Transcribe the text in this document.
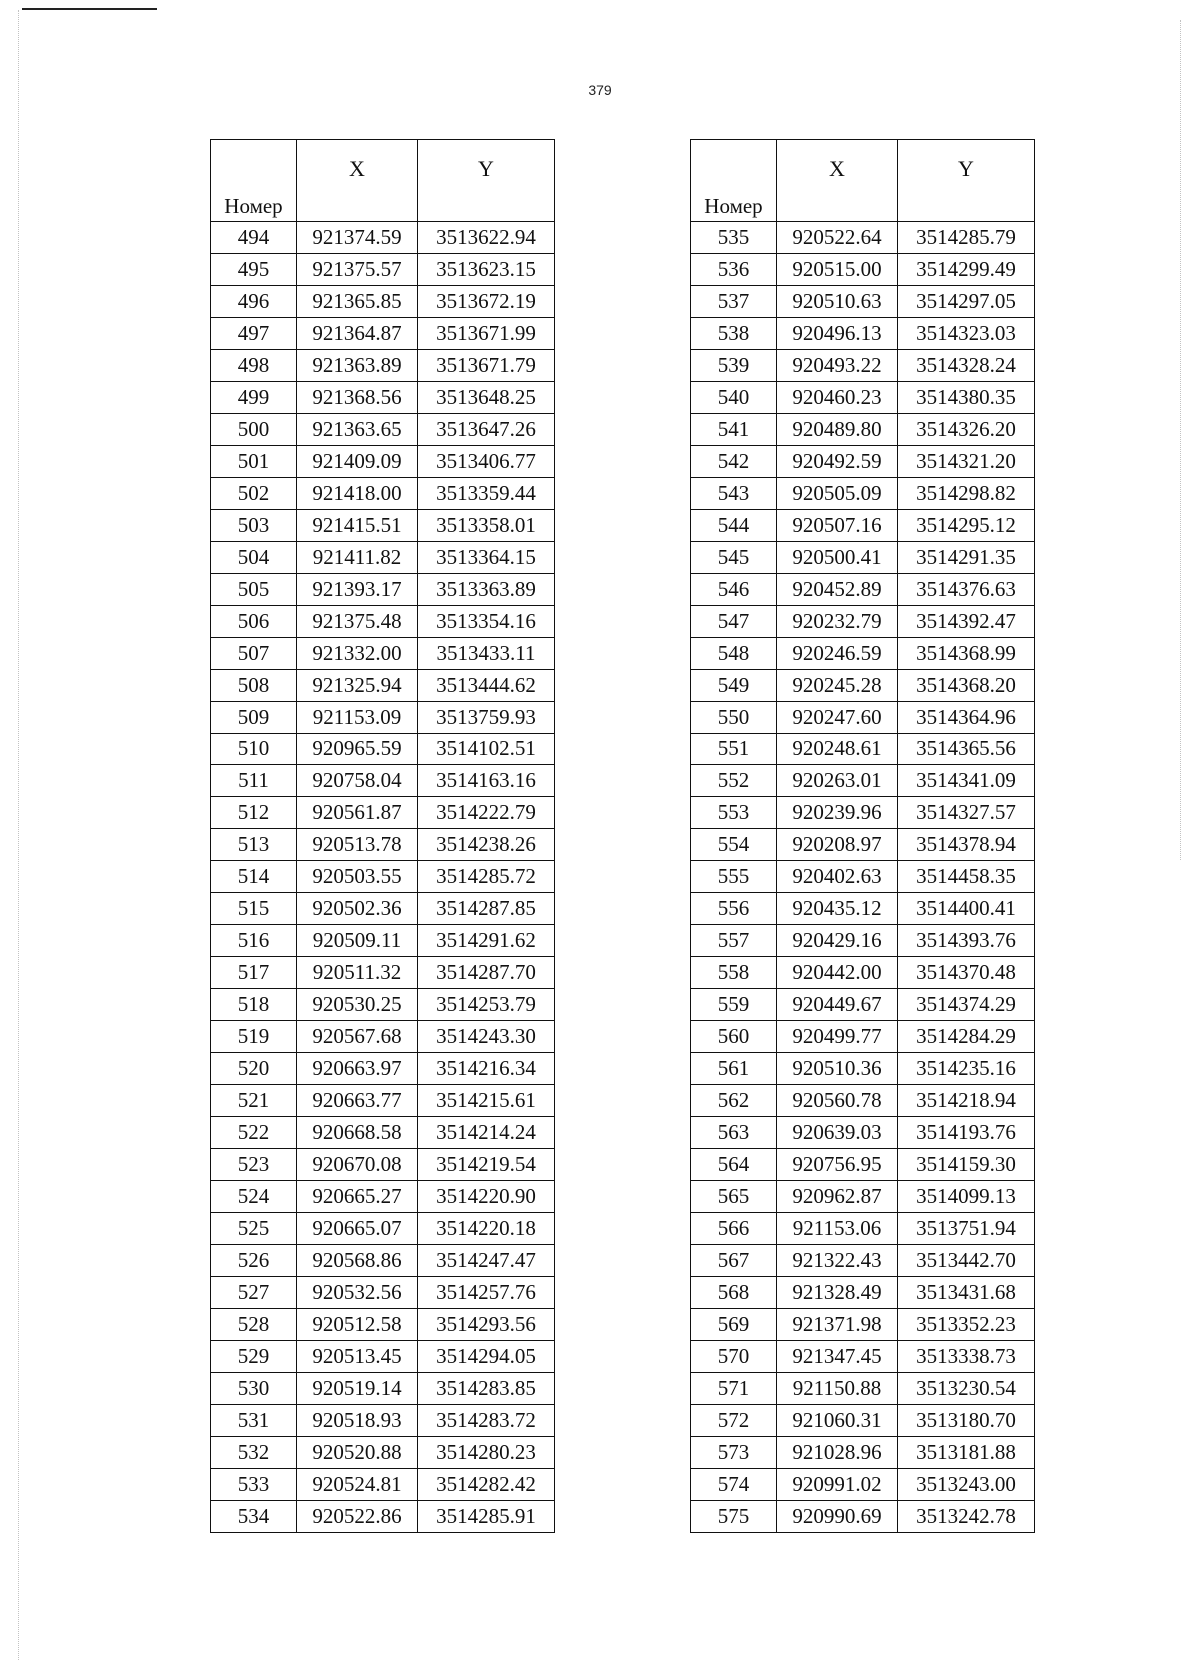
379
Номер	X	Y
494	921374.59	3513622.94
495	921375.57	3513623.15
496	921365.85	3513672.19
497	921364.87	3513671.99
498	921363.89	3513671.79
499	921368.56	3513648.25
500	921363.65	3513647.26
501	921409.09	3513406.77
502	921418.00	3513359.44
503	921415.51	3513358.01
504	921411.82	3513364.15
505	921393.17	3513363.89
506	921375.48	3513354.16
507	921332.00	3513433.11
508	921325.94	3513444.62
509	921153.09	3513759.93
510	920965.59	3514102.51
511	920758.04	3514163.16
512	920561.87	3514222.79
513	920513.78	3514238.26
514	920503.55	3514285.72
515	920502.36	3514287.85
516	920509.11	3514291.62
517	920511.32	3514287.70
518	920530.25	3514253.79
519	920567.68	3514243.30
520	920663.97	3514216.34
521	920663.77	3514215.61
522	920668.58	3514214.24
523	920670.08	3514219.54
524	920665.27	3514220.90
525	920665.07	3514220.18
526	920568.86	3514247.47
527	920532.56	3514257.76
528	920512.58	3514293.56
529	920513.45	3514294.05
530	920519.14	3514283.85
531	920518.93	3514283.72
532	920520.88	3514280.23
533	920524.81	3514282.42
534	920522.86	3514285.91
Номер	X	Y
535	920522.64	3514285.79
536	920515.00	3514299.49
537	920510.63	3514297.05
538	920496.13	3514323.03
539	920493.22	3514328.24
540	920460.23	3514380.35
541	920489.80	3514326.20
542	920492.59	3514321.20
543	920505.09	3514298.82
544	920507.16	3514295.12
545	920500.41	3514291.35
546	920452.89	3514376.63
547	920232.79	3514392.47
548	920246.59	3514368.99
549	920245.28	3514368.20
550	920247.60	3514364.96
551	920248.61	3514365.56
552	920263.01	3514341.09
553	920239.96	3514327.57
554	920208.97	3514378.94
555	920402.63	3514458.35
556	920435.12	3514400.41
557	920429.16	3514393.76
558	920442.00	3514370.48
559	920449.67	3514374.29
560	920499.77	3514284.29
561	920510.36	3514235.16
562	920560.78	3514218.94
563	920639.03	3514193.76
564	920756.95	3514159.30
565	920962.87	3514099.13
566	921153.06	3513751.94
567	921322.43	3513442.70
568	921328.49	3513431.68
569	921371.98	3513352.23
570	921347.45	3513338.73
571	921150.88	3513230.54
572	921060.31	3513180.70
573	921028.96	3513181.88
574	920991.02	3513243.00
575	920990.69	3513242.78
